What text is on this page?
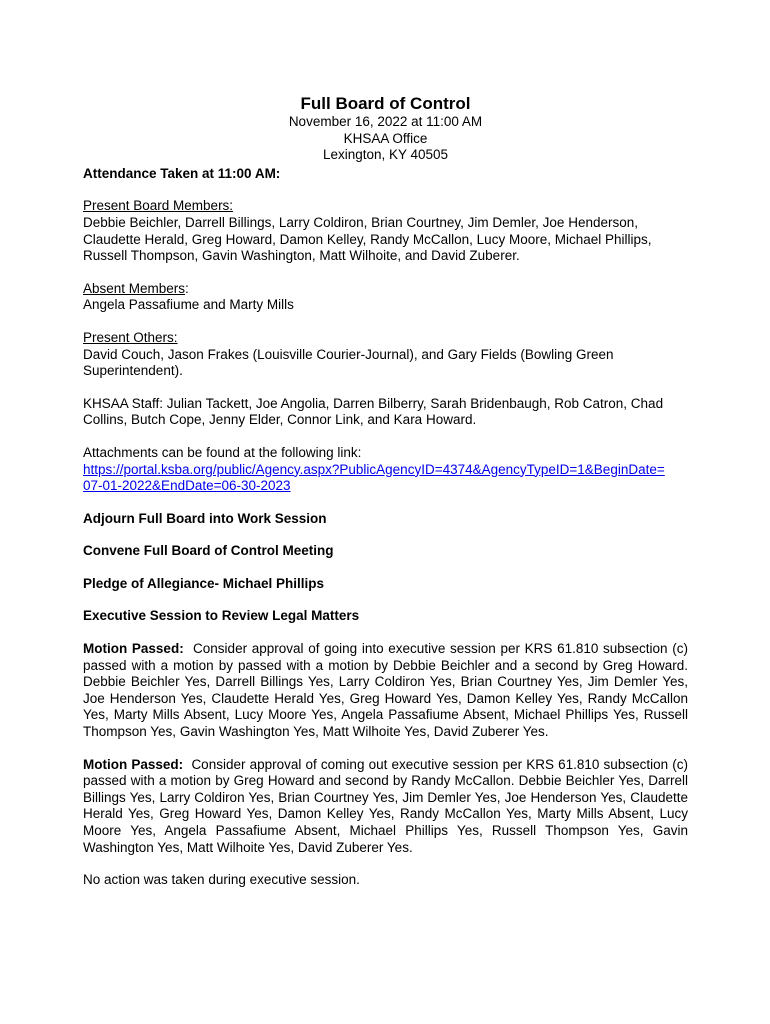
Full Board of Control

November 16, 2022 at 11:00 AM

KHSAA Office

Lexington, KY 40505

Attendance Taken at 11:00 AM:

Present Board Members:

Debbie Beichler, Darrell Billings, Larry Coldiron, Brian Courtney, Jim Demler, Joe Henderson, Claudette Herald, Greg Howard, Damon Kelley, Randy McCallon, Lucy Moore, Michael Phillips, Russell Thompson, Gavin Washington, Matt Wilhoite, and David Zuberer.

Absent Members:

Angela Passafiume and Marty Mills

Present Others:

David Couch, Jason Frakes (Louisville Courier-Journal), and Gary Fields (Bowling Green Superintendent).

KHSAA Staff: Julian Tackett, Joe Angolia, Darren Bilberry, Sarah Bridenbaugh, Rob Catron, Chad Collins, Butch Cope, Jenny Elder, Connor Link, and Kara Howard.

Attachments can be found at the following link:

https://portal.ksba.org/public/Agency.aspx?PublicAgencyID=4374&AgencyTypeID=1&BeginDate=
07-01-2022&EndDate=06-30-2023

Adjourn Full Board into Work Session

Convene Full Board of Control Meeting

Pledge of Allegiance- Michael Phillips

Executive Session to Review Legal Matters

Motion Passed: Consider approval of going into executive session per KRS 61.810 subsection (c) passed with a motion by passed with a motion by Debbie Beichler and a second by Greg Howard. Debbie Beichler Yes, Darrell Billings Yes, Larry Coldiron Yes, Brian Courtney Yes, Jim Demler Yes, Joe Henderson Yes, Claudette Herald Yes, Greg Howard Yes, Damon Kelley Yes, Randy McCallon Yes, Marty Mills Absent, Lucy Moore Yes, Angela Passafiume Absent, Michael Phillips Yes, Russell Thompson Yes, Gavin Washington Yes, Matt Wilhoite Yes, David Zuberer Yes.

Motion Passed: Consider approval of coming out executive session per KRS 61.810 subsection (c) passed with a motion by Greg Howard and second by Randy McCallon. Debbie Beichler Yes, Darrell Billings Yes, Larry Coldiron Yes, Brian Courtney Yes, Jim Demler Yes, Joe Henderson Yes, Claudette Herald Yes, Greg Howard Yes, Damon Kelley Yes, Randy McCallon Yes, Marty Mills Absent, Lucy Moore Yes, Angela Passafiume Absent, Michael Phillips Yes, Russell Thompson Yes, Gavin Washington Yes, Matt Wilhoite Yes, David Zuberer Yes.

No action was taken during executive session.
